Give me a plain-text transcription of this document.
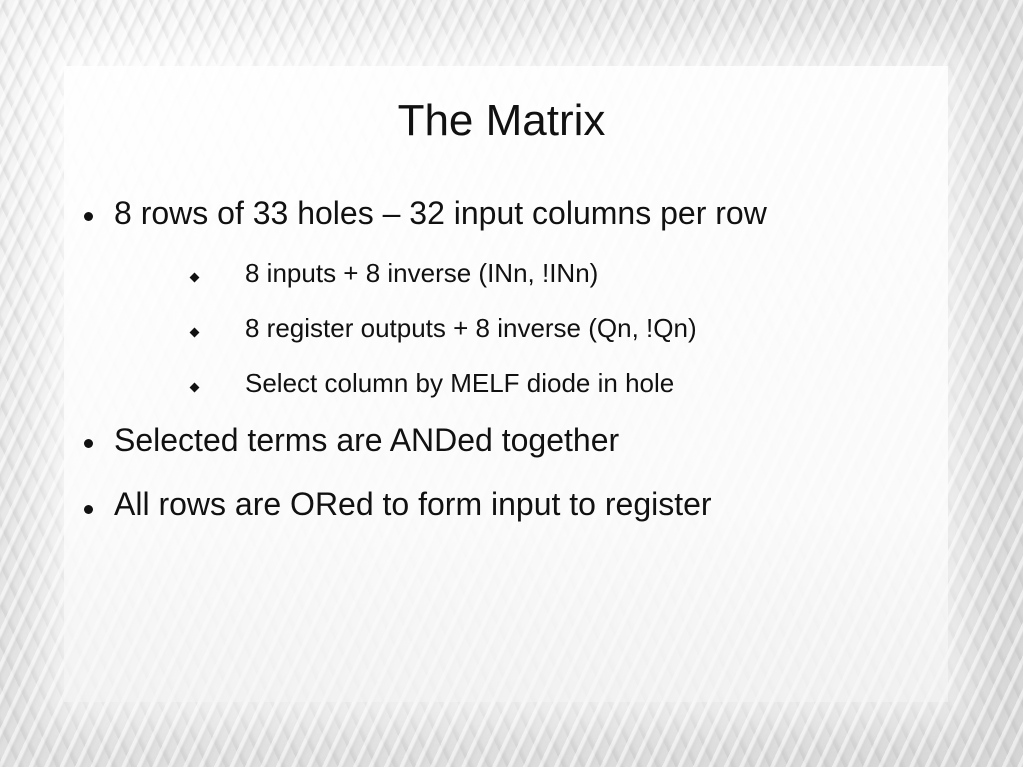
The Matrix
8 rows of 33 holes – 32 input columns per row
8 inputs + 8 inverse (INn, !INn)
8 register outputs + 8 inverse (Qn, !Qn)
Select column by MELF diode in hole
Selected terms are ANDed together
All rows are ORed to form input to register
